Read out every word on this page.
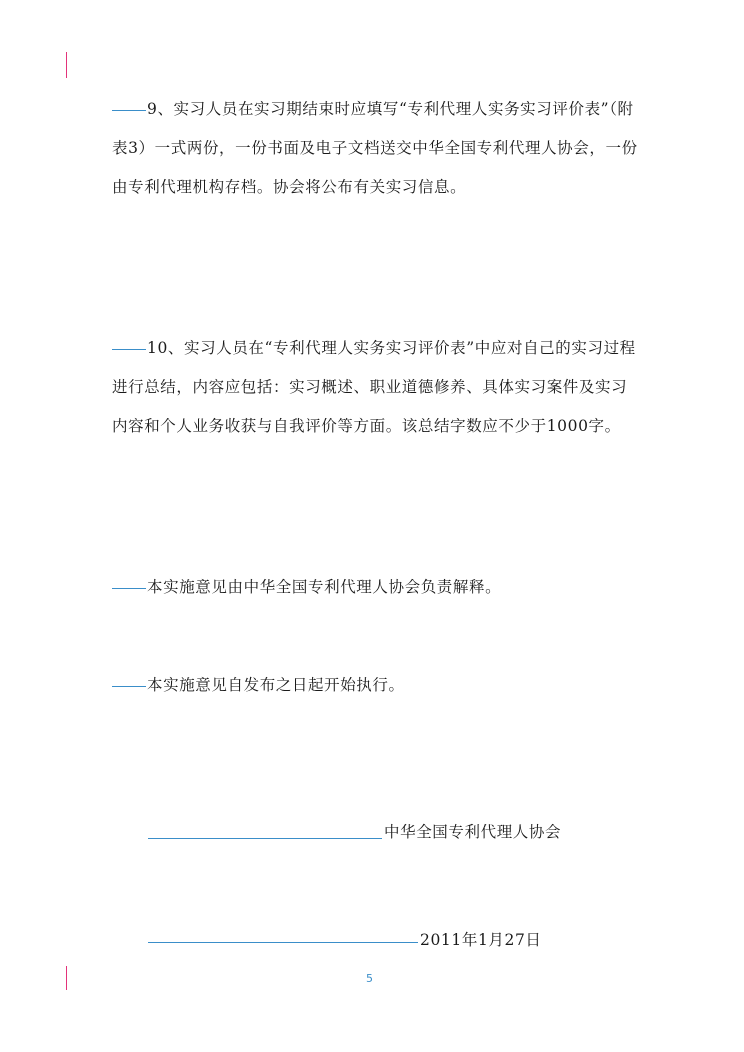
9、实习人员在实习期结束时应填写“专利代理人实务实习评价表”（附表3）一式两份，一份书面及电子文档送交中华全国专利代理人协会，一份由专利代理机构存档。协会将公布有关实习信息。

10、实习人员在“专利代理人实务实习评价表”中应对自己的实习过程进行总结，内容应包括：实习概述、职业道德修养、具体实习案件及实习内容和个人业务收获与自我评价等方面。该总结字数应不少于1000字。

本实施意见由中华全国专利代理人协会负责解释。

本实施意见自发布之日起开始执行。

中华全国专利代理人协会
2011年1月27日
5
